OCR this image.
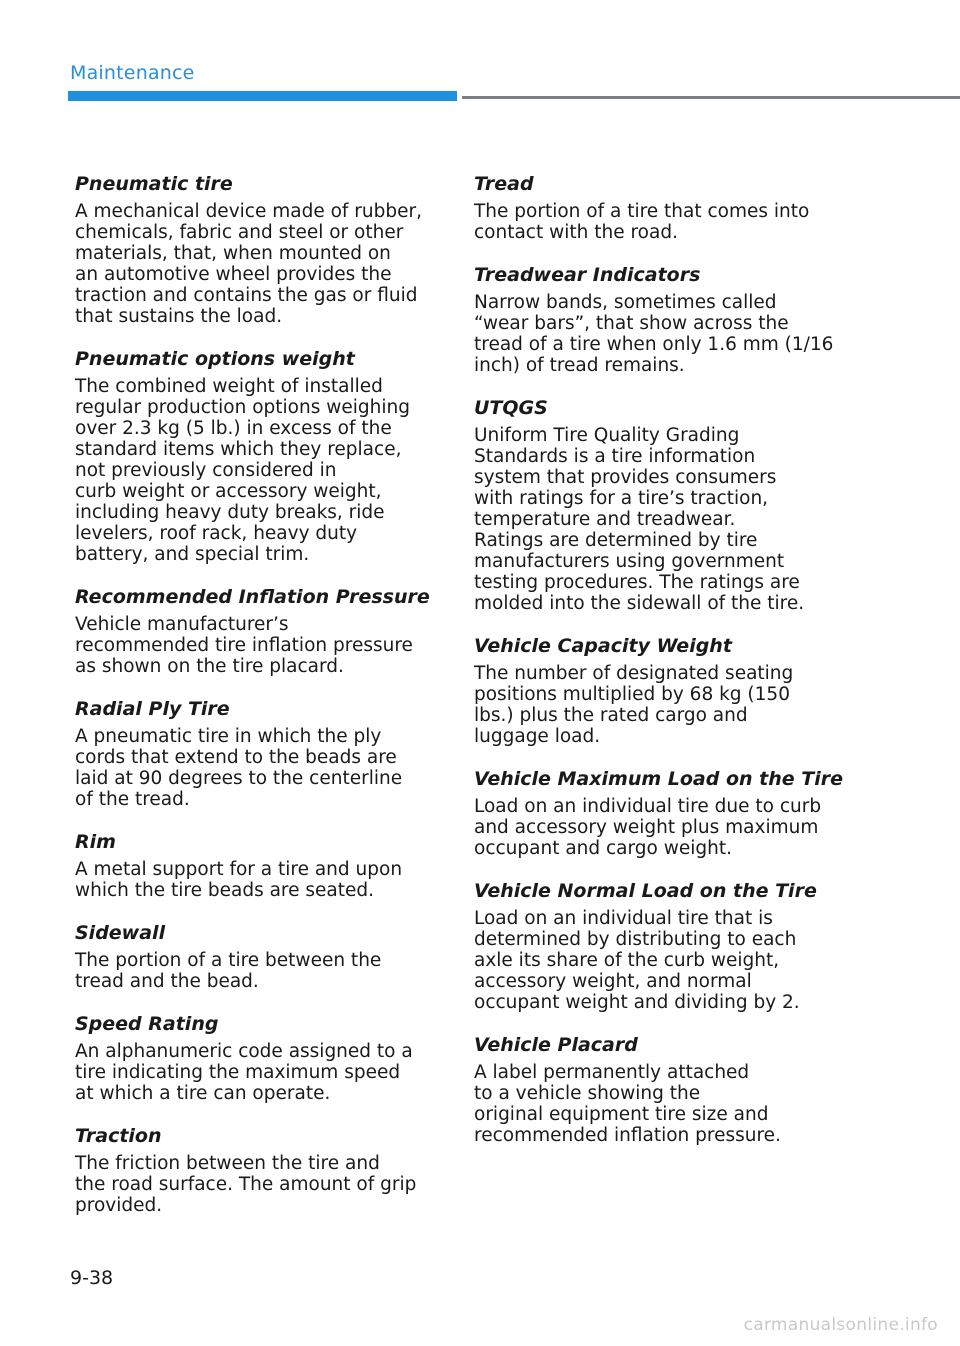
Maintenance
Pneumatic tire
A mechanical device made of rubber,
chemicals, fabric and steel or other
materials, that, when mounted on
an automotive wheel provides the
traction and contains the gas or fluid
that sustains the load.
Pneumatic options weight
The combined weight of installed
regular production options weighing
over 2.3 kg (5 lb.) in excess of the
standard items which they replace,
not previously considered in
curb weight or accessory weight,
including heavy duty breaks, ride
levelers, roof rack, heavy duty
battery, and special trim.
Recommended Inflation Pressure
Vehicle manufacturer’s
recommended tire inflation pressure
as shown on the tire placard.
Radial Ply Tire
A pneumatic tire in which the ply
cords that extend to the beads are
laid at 90 degrees to the centerline
of the tread.
Rim
A metal support for a tire and upon
which the tire beads are seated.
Sidewall
The portion of a tire between the
tread and the bead.
Speed Rating
An alphanumeric code assigned to a
tire indicating the maximum speed
at which a tire can operate.
Traction
The friction between the tire and
the road surface. The amount of grip
provided.
Tread
The portion of a tire that comes into
contact with the road.
Treadwear Indicators
Narrow bands, sometimes called
“wear bars”, that show across the
tread of a tire when only 1.6 mm (1/16
inch) of tread remains.
UTQGS
Uniform Tire Quality Grading
Standards is a tire information
system that provides consumers
with ratings for a tire’s traction,
temperature and treadwear.
Ratings are determined by tire
manufacturers using government
testing procedures. The ratings are
molded into the sidewall of the tire.
Vehicle Capacity Weight
The number of designated seating
positions multiplied by 68 kg (150
lbs.) plus the rated cargo and
luggage load.
Vehicle Maximum Load on the Tire
Load on an individual tire due to curb
and accessory weight plus maximum
occupant and cargo weight.
Vehicle Normal Load on the Tire
Load on an individual tire that is
determined by distributing to each
axle its share of the curb weight,
accessory weight, and normal
occupant weight and dividing by 2.
Vehicle Placard
A label permanently attached
to a vehicle showing the
original equipment tire size and
recommended inflation pressure.
9-38
carmanualsonline.info
